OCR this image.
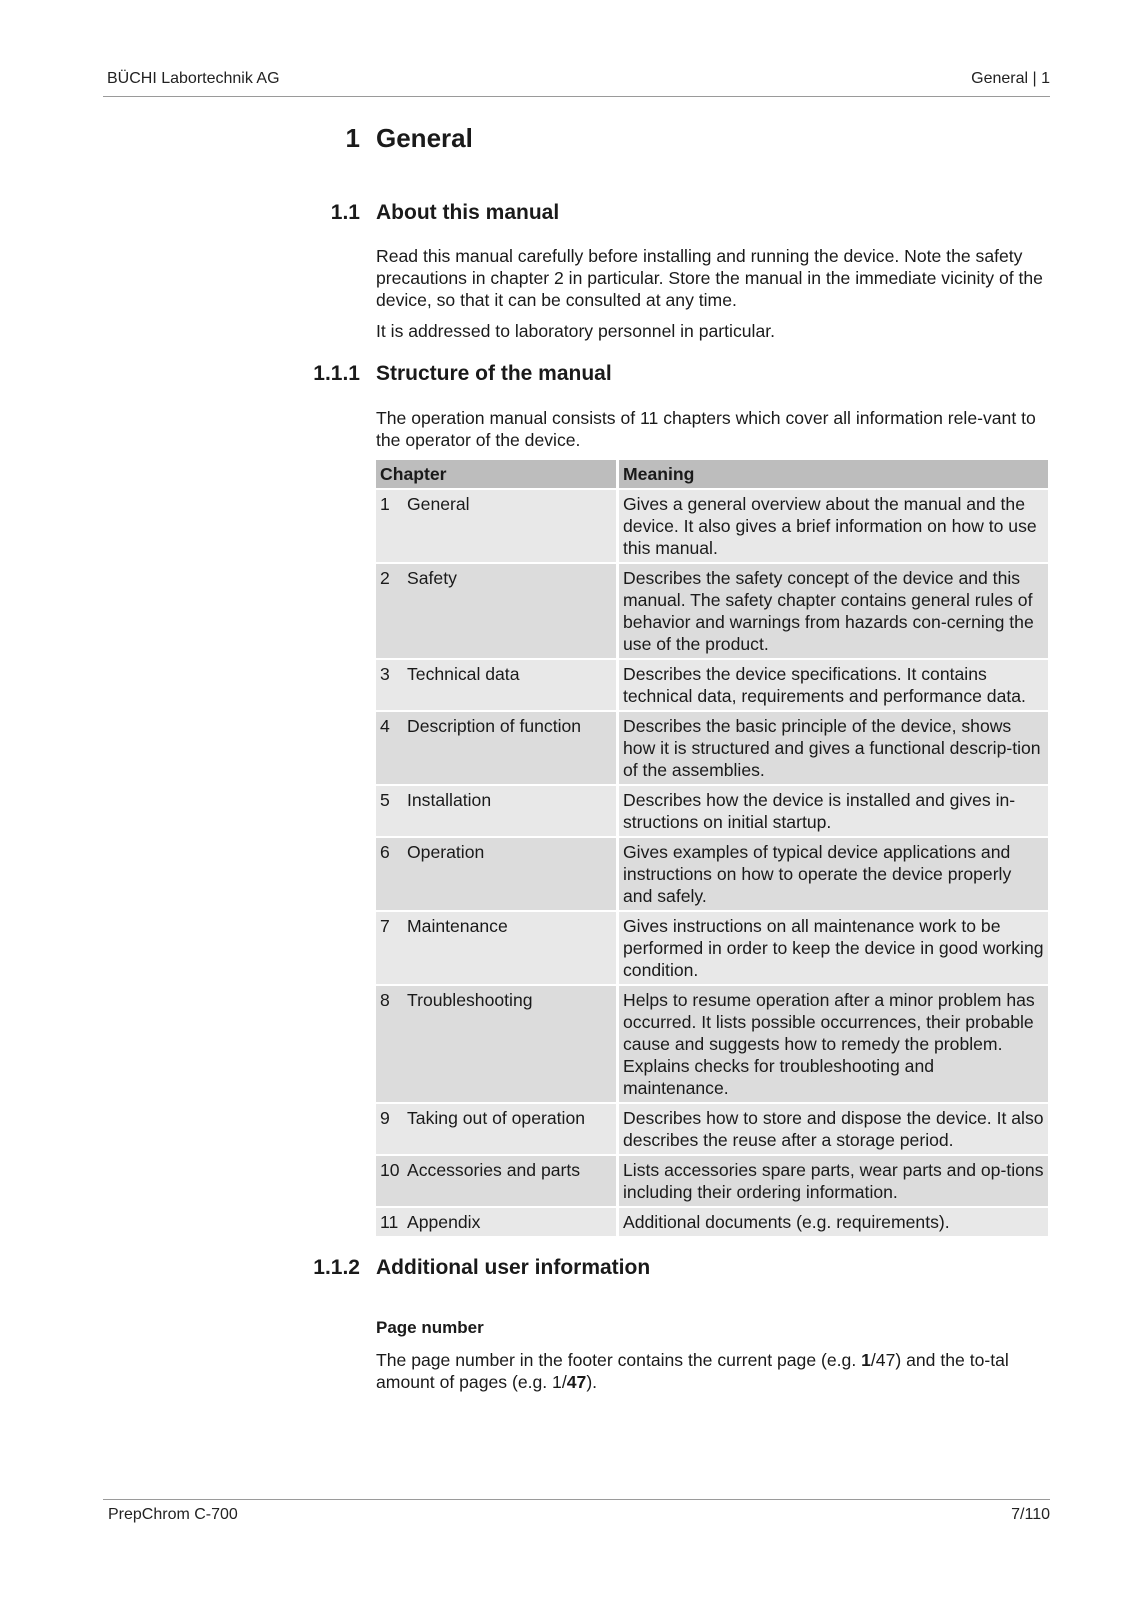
BÜCHI Labortechnik AG	General | 1
1 General
1.1 About this manual

Read this manual carefully before installing and running the device. Note the safety precautions in chapter 2 in particular. Store the manual in the immediate vicinity of the device, so that it can be consulted at any time.

It is addressed to laboratory personnel in particular.

1.1.1 Structure of the manual

The operation manual consists of 11 chapters which cover all information rele-vant to the operator of the device.

Chapter	Meaning
1 General	Gives a general overview about the manual and the device. It also gives a brief information on how to use this manual.
2 Safety	Describes the safety concept of the device and this manual. The safety chapter contains general rules of behavior and warnings from hazards con-cerning the use of the product.
3 Technical data	Describes the device specifications. It contains technical data, requirements and performance data.
4 Description of function	Describes the basic principle of the device, shows how it is structured and gives a functional descrip-tion of the assemblies.
5 Installation	Describes how the device is installed and gives in-structions on initial startup.
6 Operation	Gives examples of typical device applications and instructions on how to operate the device properly and safely.
7 Maintenance	Gives instructions on all maintenance work to be performed in order to keep the device in good working condition.
8 Troubleshooting	Helps to resume operation after a minor problem has occurred. It lists possible occurrences, their probable cause and suggests how to remedy the problem. Explains checks for troubleshooting and maintenance.
9 Taking out of operation	Describes how to store and dispose the device. It also describes the reuse after a storage period.
10 Accessories and parts	Lists accessories spare parts, wear parts and op-tions including their ordering information.
11 Appendix	Additional documents (e.g. requirements).
1.1.2 Additional user information
Page number

The page number in the footer contains the current page (e.g. 1/47) and the to-tal amount of pages (e.g. 1/47).

PrepChrom C-700	7/110
